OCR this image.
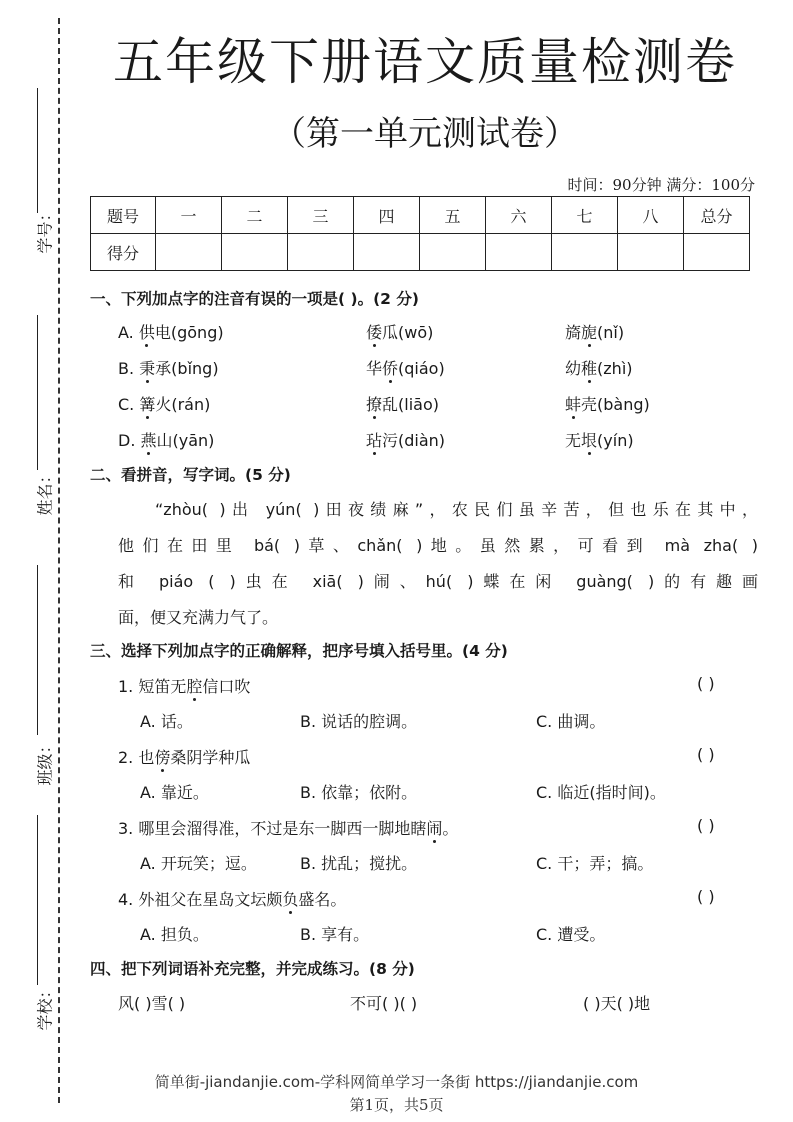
学号：
姓名：
班级：
学校：
五年级下册语文质量检测卷
（第一单元测试卷）
时间：90分钟 满分：100分
题号	一	二	三	四	五	六	七	八	总分
得分									
一、下列加点字的注音有误的一项是( )。(2 分)
A. 供电(gōng)	倭瓜(wō)	旖旎(nǐ)
B. 秉承(bǐng)	华侨(qiáo)	幼稚(zhì)
C. 篝火(rán)	撩乱(liāo)	蚌壳(bàng)
D. 燕山(yān)	玷污(diàn)	无垠(yín)
二、看拼音，写字词。(5 分)
“zhòu( )出 yún( )田夜绩麻”，农民们虽辛苦，但也乐在其中，
他们在田里 bá( )草、chǎn( )地。虽然累，可看到 mà zha( )
和 piáo ( )虫在 xiā( )闹、hú( )蝶在闲 guàng( )的有趣画
面，便又充满力气了。
三、选择下列加点字的正确解释，把序号填入括号里。(4 分)
1. 短笛无腔信口吹	( )
A. 话。	B. 说话的腔调。	C. 曲调。
2. 也傍桑阴学种瓜	( )
A. 靠近。	B. 依靠；依附。	C. 临近(指时间)。
3. 哪里会溜得准，不过是东一脚西一脚地瞎闹。	( )
A. 开玩笑；逗。	B. 扰乱；搅扰。	C. 干；弄；搞。
4. 外祖父在星岛文坛颇负盛名。	( )
A. 担负。	B. 享有。	C. 遭受。
四、把下列词语补充完整，并完成练习。(8 分)
风( )雪( )	不可( )( )	( )天( )地
简单街-jiandanjie.com-学科网简单学习一条街 https://jiandanjie.com
第1页，共5页
